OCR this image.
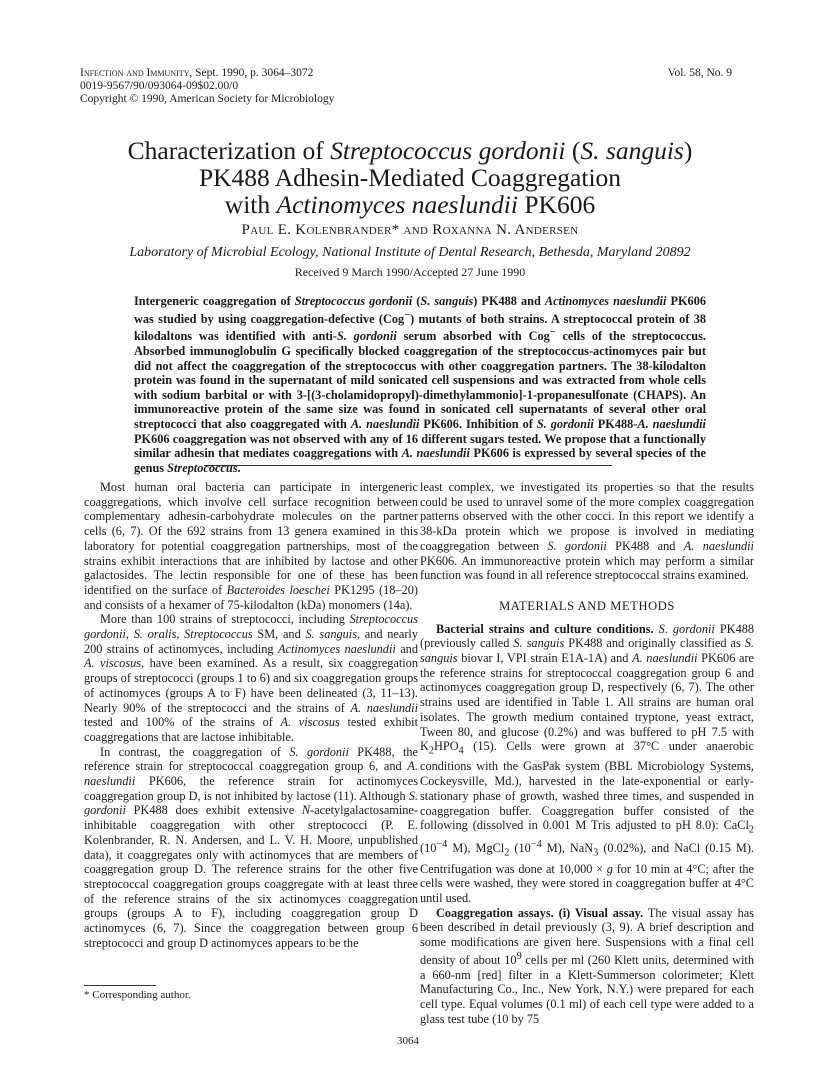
Infection and Immunity, Sept. 1990, p. 3064–3072
0019-9567/90/093064-09$02.00/0
Copyright © 1990, American Society for Microbiology
Vol. 58, No. 9
Characterization of Streptococcus gordonii (S. sanguis)
PK488 Adhesin-Mediated Coaggregation
with Actinomyces naeslundii PK606
Paul E. Kolenbrander* and Roxanna N. Andersen
Laboratory of Microbial Ecology, National Institute of Dental Research, Bethesda, Maryland 20892
Received 9 March 1990/Accepted 27 June 1990

Intergeneric coaggregation of Streptococcus gordonii (S. sanguis) PK488 and Actinomyces naeslundii PK606 was studied by using coaggregation-defective (Cog−) mutants of both strains. A streptococcal protein of 38 kilodaltons was identified with anti-S. gordonii serum absorbed with Cog− cells of the streptococcus. Absorbed immunoglobulin G specifically blocked coaggregation of the streptococcus-actinomyces pair but did not affect the coaggregation of the streptococcus with other coaggregation partners. The 38-kilodalton protein was found in the supernatant of mild sonicated cell suspensions and was extracted from whole cells with sodium barbital or with 3-[(3-cholamidopropyl)-dimethylammonio]-1-propanesulfonate (CHAPS). An immunoreactive protein of the same size was found in sonicated cell supernatants of several other oral streptococci that also coaggregated with A. naeslundii PK606. Inhibition of S. gordonii PK488-A. naeslundii PK606 coaggregation was not observed with any of 16 different sugars tested. We propose that a functionally similar adhesin that mediates coaggregations with A. naeslundii PK606 is expressed by several species of the genus Streptococcus.

Most human oral bacteria can participate in intergeneric coaggregations, which involve cell surface recognition between complementary adhesin-carbohydrate molecules on the partner cells (6, 7). Of the 692 strains from 13 genera examined in this laboratory for potential coaggregation partnerships, most of the strains exhibit interactions that are inhibited by lactose and other galactosides. The lectin responsible for one of these has been identified on the surface of Bacteroides loeschei PK1295 (18–20) and consists of a hexamer of 75-kilodalton (kDa) monomers (14a).

More than 100 strains of streptococci, including Streptococcus gordonii, S. oralis, Streptococcus SM, and S. sanguis, and nearly 200 strains of actinomyces, including Actinomyces naeslundii and A. viscosus, have been examined. As a result, six coaggregation groups of streptococci (groups 1 to 6) and six coaggregation groups of actinomyces (groups A to F) have been delineated (3, 11–13). Nearly 90% of the streptococci and the strains of A. naeslundii tested and 100% of the strains of A. viscosus tested exhibit coaggregations that are lactose inhibitable.

In contrast, the coaggregation of S. gordonii PK488, the reference strain for streptococcal coaggregation group 6, and A. naeslundii PK606, the reference strain for actinomyces coaggregation group D, is not inhibited by lactose (11). Although S. gordonii PK488 does exhibit extensive N-acetylgalactosamine-inhibitable coaggregation with other streptococci (P. E. Kolenbrander, R. N. Andersen, and L. V. H. Moore, unpublished data), it coaggregates only with actinomyces that are members of coaggregation group D. The reference strains for the other five streptococcal coaggregation groups coaggregate with at least three of the reference strains of the six actinomyces coaggregation groups (groups A to F), including coaggregation group D actinomyces (6, 7). Since the coaggregation between group 6 streptococci and group D actinomyces appears to be the

least complex, we investigated its properties so that the results could be used to unravel some of the more complex coaggregation patterns observed with the other cocci. In this report we identify a 38-kDa protein which we propose is involved in mediating coaggregation between S. gordonii PK488 and A. naeslundii PK606. An immunoreactive protein which may perform a similar function was found in all reference streptococcal strains examined.

MATERIALS AND METHODS

Bacterial strains and culture conditions. S. gordonii PK488 (previously called S. sanguis PK488 and originally classified as S. sanguis biovar I, VPI strain E1A-1A) and A. naeslundii PK606 are the reference strains for streptococcal coaggregation group 6 and actinomyces coaggregation group D, respectively (6, 7). The other strains used are identified in Table 1. All strains are human oral isolates. The growth medium contained tryptone, yeast extract, Tween 80, and glucose (0.2%) and was buffered to pH 7.5 with $K_2HPO_4$ (15). Cells were grown at 37°C under anaerobic conditions with the GasPak system (BBL Microbiology Systems, Cockeysville, Md.), harvested in the late-exponential or early-stationary phase of growth, washed three times, and suspended in coaggregation buffer. Coaggregation buffer consisted of the following (dissolved in 0.001 M Tris adjusted to pH 8.0): CaCl$_2$ ($10^{-4}$ M), MgCl$_2$ ($10^{-4}$ M), NaN$_3$ (0.02%), and NaCl (0.15 M). Centrifugation was done at 10,000 × g for 10 min at 4°C; after the cells were washed, they were stored in coaggregation buffer at 4°C until used.

Coaggregation assays. (i) Visual assay. The visual assay has been described in detail previously (3, 9). A brief description and some modifications are given here. Suspensions with a final cell density of about $10^9$ cells per ml (260 Klett units, determined with a 660-nm [red] filter in a Klett-Summerson colorimeter; Klett Manufacturing Co., Inc., New York, N.Y.) were prepared for each cell type. Equal volumes (0.1 ml) of each cell type were added to a glass test tube (10 by 75

* Corresponding author.
3064
